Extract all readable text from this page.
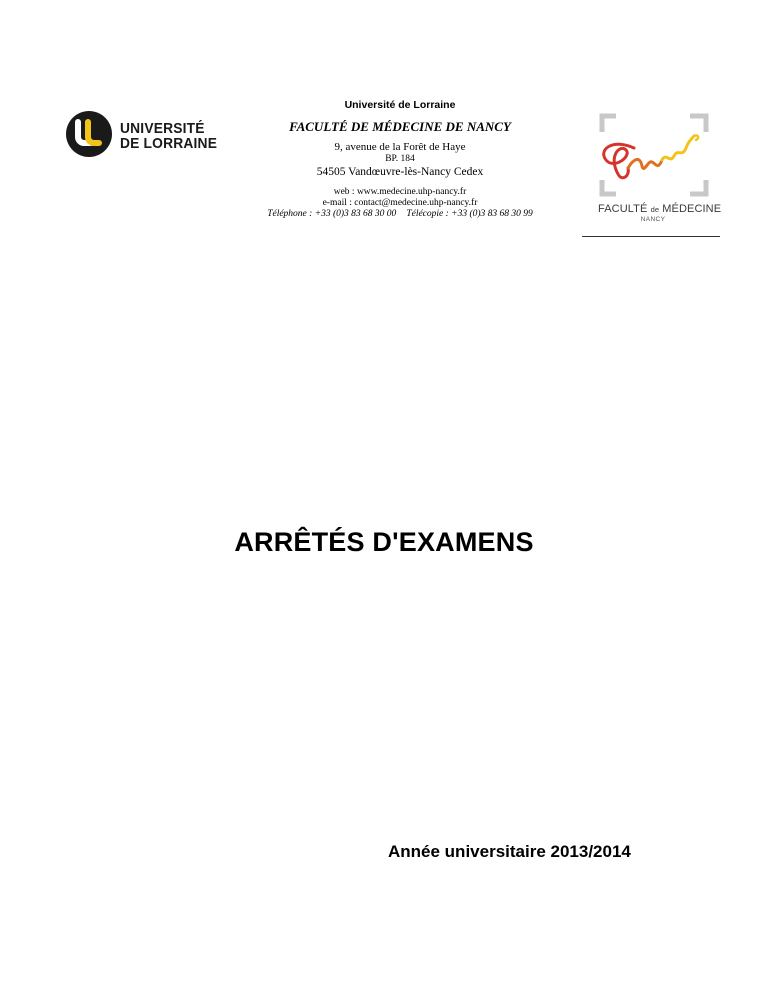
UNIVERSITÉ
DE LORRAINE
Université de Lorraine
FACULTÉ DE MÉDECINE DE NANCY
9, avenue de la Forêt de Haye
BP. 184
54505 Vandœuvre-lès-Nancy Cedex
web : www.medecine.uhp-nancy.fr
e-mail : contact@medecine.uhp-nancy.fr
Téléphone : +33 (0)3 83 68 30 00 Télécopie : +33 (0)3 83 68 30 99	FACULTÉ de MÉDECINE
NANCY
ARRÊTÉS D'EXAMENS
Année universitaire 2013/2014
